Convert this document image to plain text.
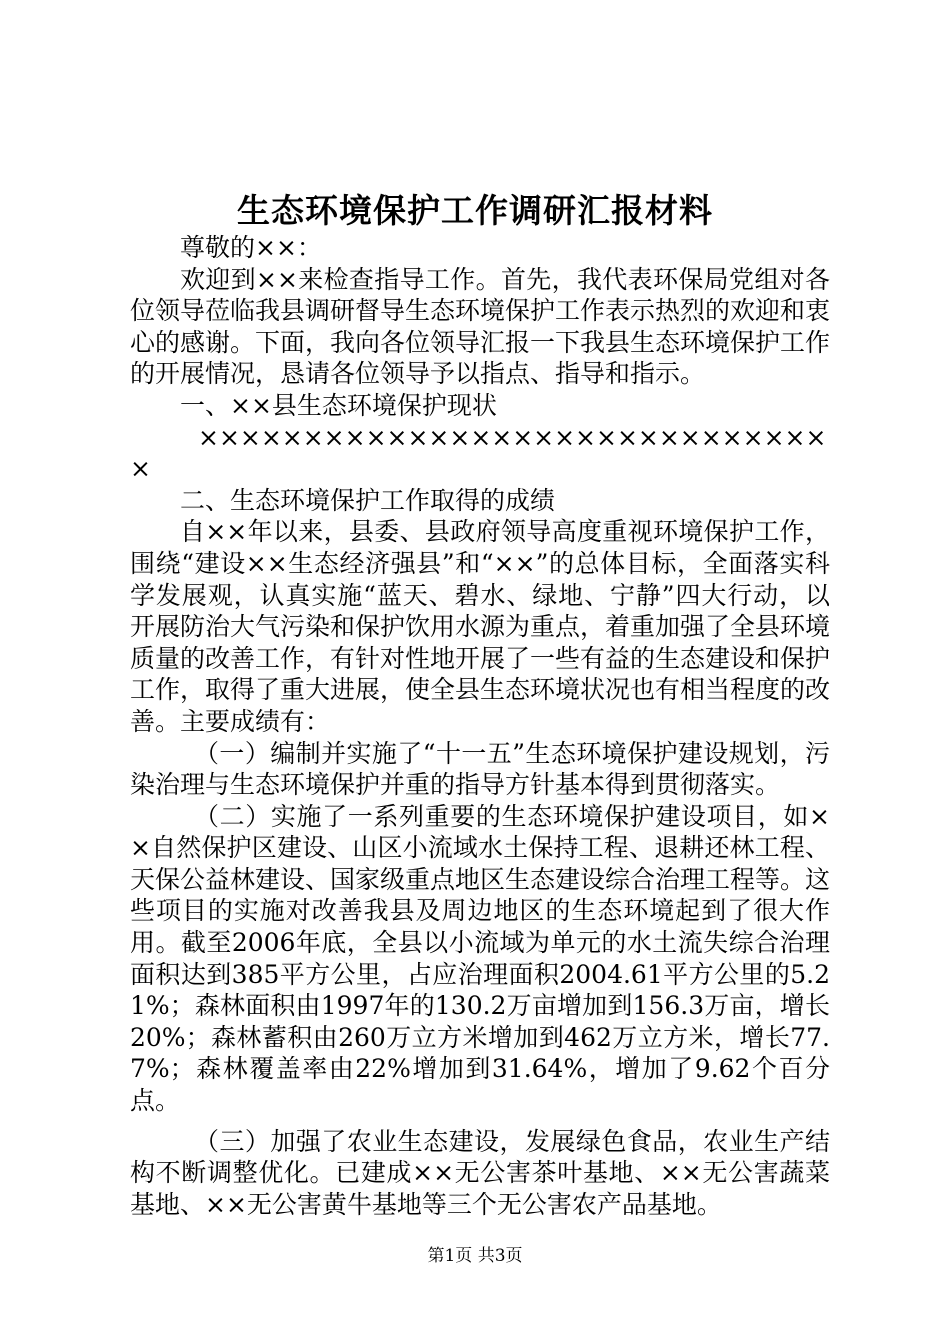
生态环境保护工作调研汇报材料

尊敬的××：

欢迎到××来检查指导工作。首先，我代表环保局党组对各位领导莅临我县调研督导生态环境保护工作表示热烈的欢迎和衷心的感谢。下面，我向各位领导汇报一下我县生态环境保护工作的开展情况，恳请各位领导予以指点、指导和指示。

一、××县生态环境保护现状

×××××××××××××××××××××××××××××××

二、生态环境保护工作取得的成绩

自××年以来，县委、县政府领导高度重视环境保护工作，围绕“建设××生态经济强县”和“××”的总体目标，全面落实科学发展观，认真实施“蓝天、碧水、绿地、宁静”四大行动，以开展防治大气污染和保护饮用水源为重点，着重加强了全县环境质量的改善工作，有针对性地开展了一些有益的生态建设和保护工作，取得了重大进展，使全县生态环境状况也有相当程度的改善。主要成绩有：

（一）编制并实施了“十一五”生态环境保护建设规划，污染治理与生态环境保护并重的指导方针基本得到贯彻落实。

（二）实施了一系列重要的生态环境保护建设项目，如××自然保护区建设、山区小流域水土保持工程、退耕还林工程、天保公益林建设、国家级重点地区生态建设综合治理工程等。这些项目的实施对改善我县及周边地区的生态环境起到了很大作用。截至2006年底，全县以小流域为单元的水土流失综合治理面积达到385平方公里，占应治理面积2004.61平方公里的5.21%；森林面积由1997年的130.2万亩增加到156.3万亩，增长20%；森林蓄积由260万立方米增加到462万立方米，增长77.7%；森林覆盖率由22%增加到31.64%，增加了9.62个百分点。

（三）加强了农业生态建设，发展绿色食品，农业生产结构不断调整优化。已建成××无公害茶叶基地、××无公害蔬菜基地、××无公害黄牛基地等三个无公害农产品基地。

第1页 共3页
